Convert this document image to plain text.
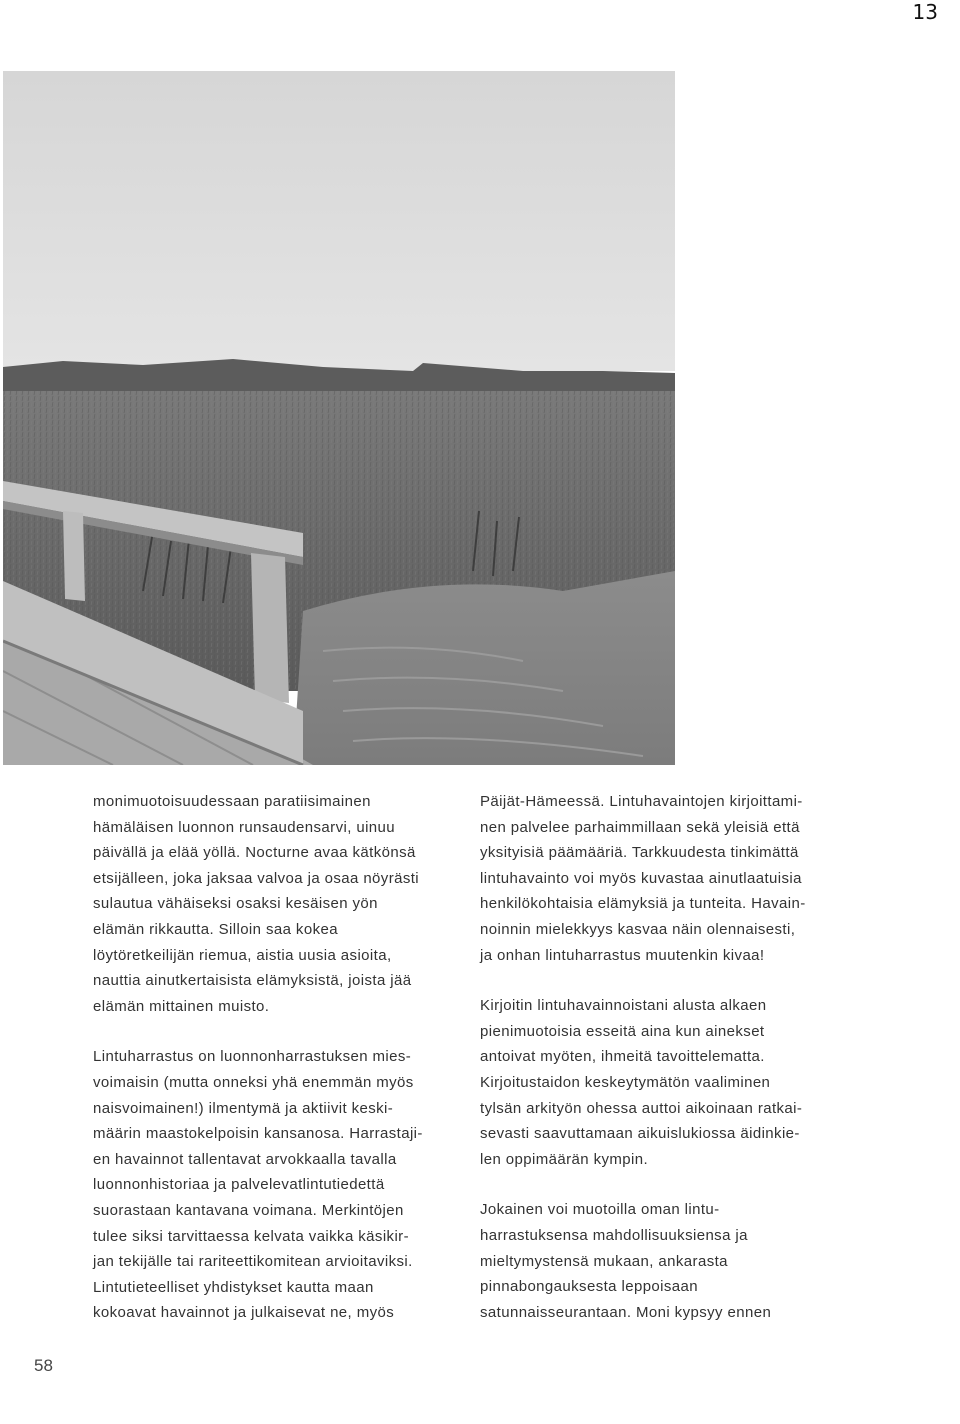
13

monimuotoisuudessaan paratiisimainen
hämäläisen luonnon runsaudensarvi, uinuu
päivällä ja elää yöllä. Nocturne avaa kätkönsä
etsijälleen, joka jaksaa valvoa ja osaa nöyrästi
sulautua vähäiseksi osaksi kesäisen yön
elämän rikkautta. Silloin saa kokea
löytöretkeilijän riemua, aistia uusia asioita,
nauttia ainutkertaisista elämyksistä, joista jää
elämän mittainen muisto.

Lintuharrastus on luonnonharrastuksen mies-
voimaisin (mutta onneksi yhä enemmän myös
naisvoimainen!) ilmentymä ja aktiivit keski-
määrin maastokelpoisin kansanosa. Harrastaji-
en havainnot tallentavat arvokkaalla tavalla
luonnonhistoriaa ja palvelevatlintutiedettä
suorastaan kantavana voimana. Merkintöjen
tulee siksi tarvittaessa kelvata vaikka käsikir-
jan tekijälle tai rariteettikomitean arvioitaviksi.
Lintutieteelliset yhdistykset kautta maan
kokoavat havainnot ja julkaisevat ne, myös

Päijät-Hämeessä. Lintuhavaintojen kirjoittami-
nen palvelee parhaimmillaan sekä yleisiä että
yksityisiä päämääriä. Tarkkuudesta tinkimättä
lintuhavainto voi myös kuvastaa ainutlaatuisia
henkilökohtaisia elämyksiä ja tunteita. Havain-
noinnin mielekkyys kasvaa näin olennaisesti,
ja onhan lintuharrastus muutenkin kivaa!

Kirjoitin lintuhavainnoistani alusta alkaen
pienimuotoisia esseitä aina kun ainekset
antoivat myöten, ihmeitä tavoittelematta.
Kirjoitustaidon keskeytymätön vaaliminen
tylsän arkityön ohessa auttoi aikoinaan ratkai-
sevasti saavuttamaan aikuislukiossa äidinkie-
len oppimäärän kympin.

Jokainen voi muotoilla oman lintu-
harrastuksensa mahdollisuuksiensa ja
mieltymystensä mukaan, ankarasta
pinnabongauksesta leppoisaan
satunnaisseurantaan. Moni kypsyy ennen

58
